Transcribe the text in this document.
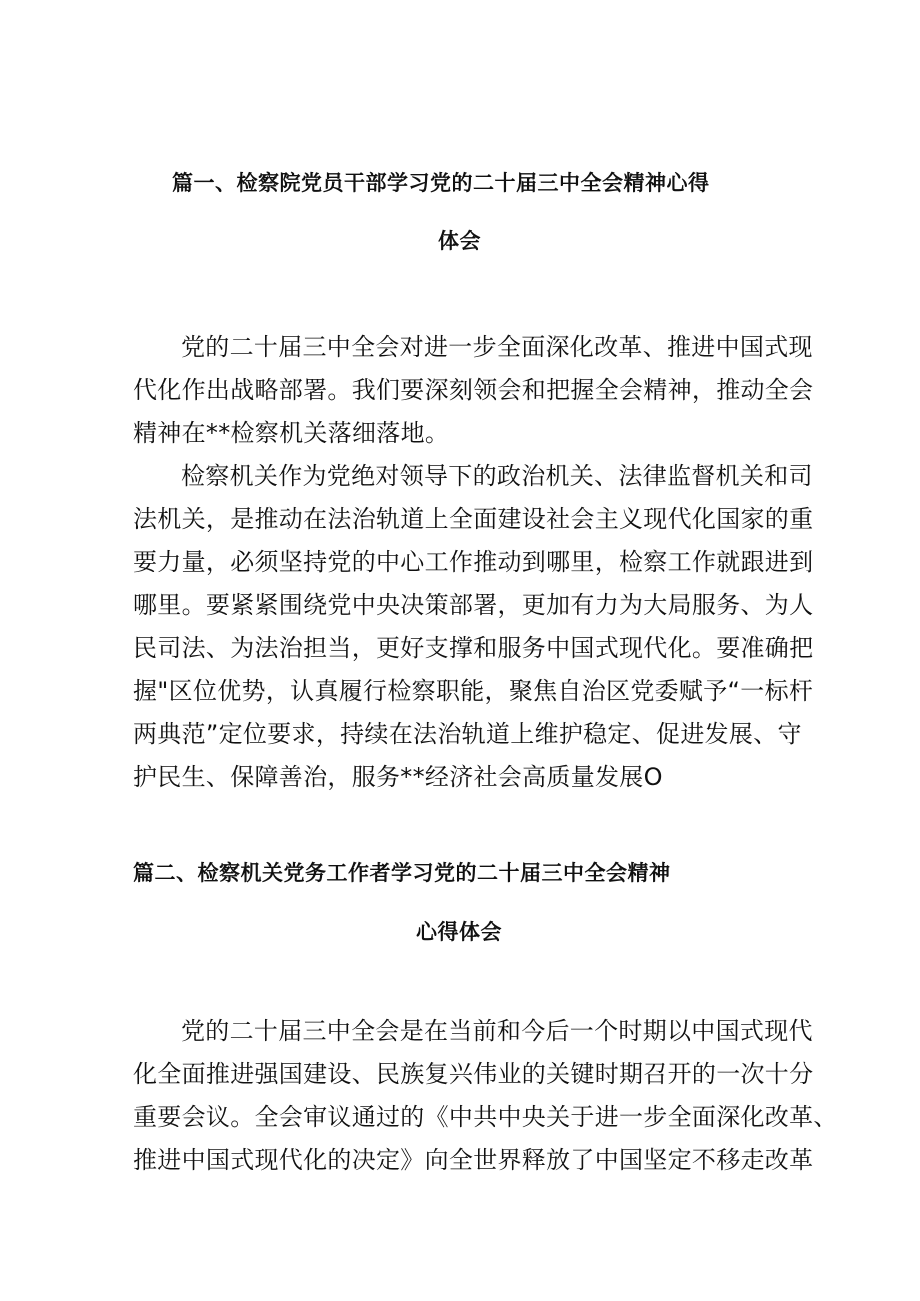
篇一、检察院党员干部学习党的二十届三中全会精神心得
体会
党的二十届三中全会对进一步全面深化改革、推进中国式现
代化作出战略部署。我们要深刻领会和把握全会精神，推动全会
精神在**检察机关落细落地。
检察机关作为党绝对领导下的政治机关、法律监督机关和司
法机关，是推动在法治轨道上全面建设社会主义现代化国家的重
要力量，必须坚持党的中心工作推动到哪里，检察工作就跟进到
哪里。要紧紧围绕党中央决策部署，更加有力为大局服务、为人
民司法、为法治担当，更好支撑和服务中国式现代化。要准确把
握"区位优势，认真履行检察职能，聚焦自治区党委赋予“一标杆
两典范”定位要求，持续在法治轨道上维护稳定、促进发展、守
护民生、保障善治，服务**经济社会高质量发展O
篇二、检察机关党务工作者学习党的二十届三中全会精神
心得体会
党的二十届三中全会是在当前和今后一个时期以中国式现代
化全面推进强国建设、民族复兴伟业的关键时期召开的一次十分
重要会议。全会审议通过的《中共中央关于进一步全面深化改革、
推进中国式现代化的决定》向全世界释放了中国坚定不移走改革
